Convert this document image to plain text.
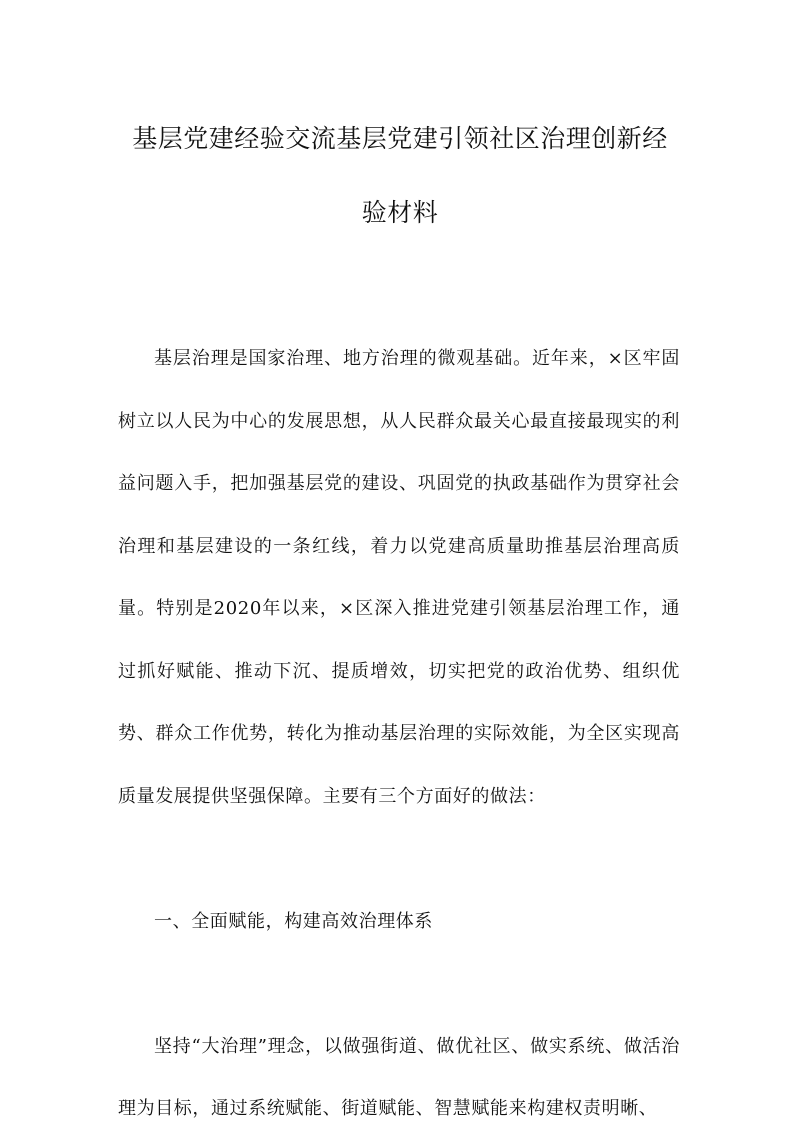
基层党建经验交流基层党建引领社区治理创新经验材料

基层治理是国家治理、地方治理的微观基础。近年来，×区牢固树立以人民为中心的发展思想，从人民群众最关心最直接最现实的利益问题入手，把加强基层党的建设、巩固党的执政基础作为贯穿社会治理和基层建设的一条红线，着力以党建高质量助推基层治理高质量。特别是2020年以来，×区深入推进党建引领基层治理工作，通过抓好赋能、推动下沉、提质增效，切实把党的政治优势、组织优势、群众工作优势，转化为推动基层治理的实际效能，为全区实现高质量发展提供坚强保障。主要有三个方面好的做法：

一、全面赋能，构建高效治理体系

坚持“大治理”理念，以做强街道、做优社区、做实系统、做活治理为目标，通过系统赋能、街道赋能、智慧赋能来构建权责明晰、
